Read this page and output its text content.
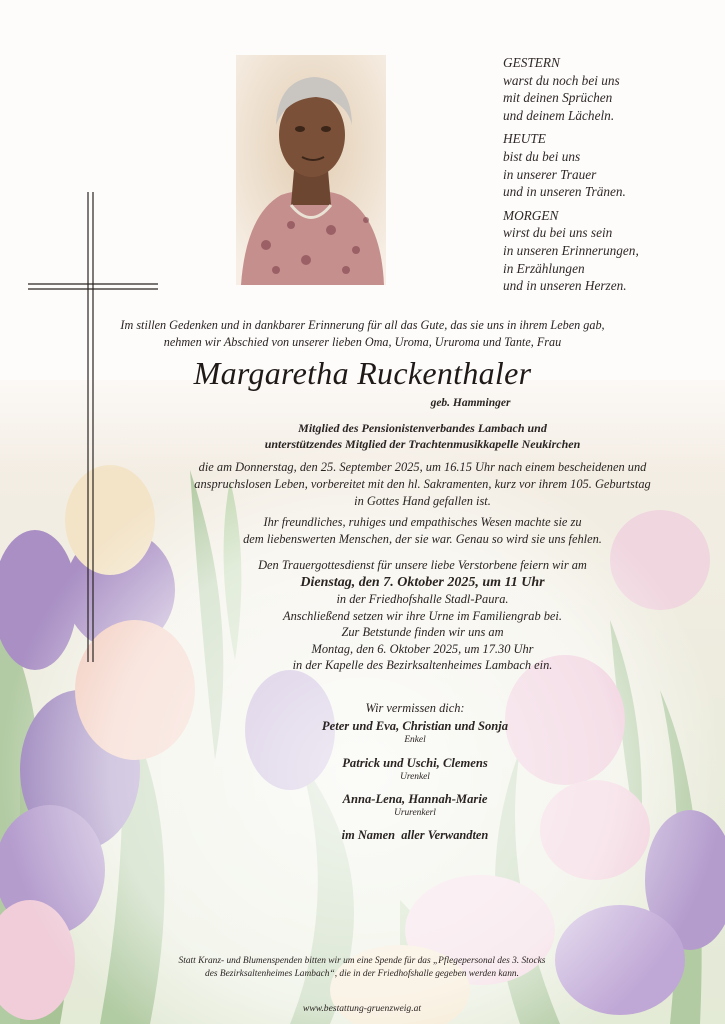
GESTERN
warst du noch bei uns
mit deinen Sprüchen
und deinem Lächeln.
HEUTE
bist du bei uns
in unserer Trauer
und in unseren Tränen.
MORGEN
wirst du bei uns sein
in unseren Erinnerungen,
in Erzählungen
und in unseren Herzen.
Im stillen Gedenken und in dankbarer Erinnerung für all das Gute, das sie uns in ihrem Leben gab,
nehmen wir Abschied von unserer lieben Oma, Uroma, Ururoma und Tante, Frau
Margaretha Ruckenthaler
geb. Hamminger
Mitglied des Pensionistenverbandes Lambach und
unterstützendes Mitglied der Trachtenmusikkapelle Neukirchen
die am Donnerstag, den 25. September 2025, um 16.15 Uhr nach einem bescheidenen und
anspruchslosen Leben, vorbereitet mit den hl. Sakramenten, kurz vor ihrem 105. Geburtstag
in Gottes Hand gefallen ist.
Ihr freundliches, ruhiges und empathisches Wesen machte sie zu
dem liebenswerten Menschen, der sie war. Genau so wird sie uns fehlen.
Den Trauergottesdienst für unsere liebe Verstorbene feiern wir am
Dienstag, den 7. Oktober 2025, um 11 Uhr
in der Friedhofshalle Stadl-Paura.
Anschließend setzen wir ihre Urne im Familiengrab bei.
Zur Betstunde finden wir uns am
Montag, den 6. Oktober 2025, um 17.30 Uhr
in der Kapelle des Bezirksaltenheimes Lambach ein.
Wir vermissen dich:
Peter und Eva, Christian und Sonja
Enkel
Patrick und Uschi, Clemens
Urenkel
Anna-Lena, Hannah-Marie
Ururenkerl
im Namen  aller Verwandten
Statt Kranz- und Blumenspenden bitten wir um eine Spende für das „Pflegepersonal des 3. Stocks
des Bezirksaltenheimes Lambach“, die in der Friedhofshalle gegeben werden kann.
www.bestattung-gruenzweig.at
